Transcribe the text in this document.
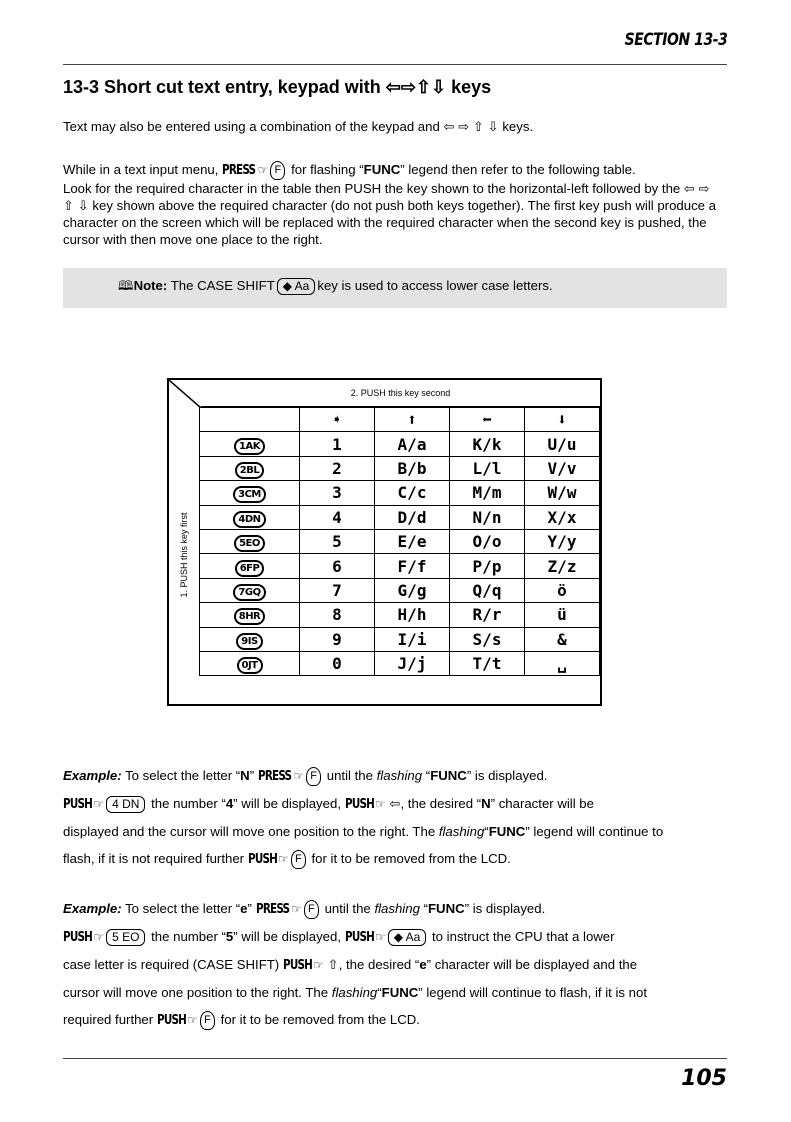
SECTION 13-3
13-3 Short cut text entry, keypad with ⇦⇨⇧⇩ keys
Text may also be entered using a combination of the keypad and ⇦ ⇨ ⇧ ⇩ keys.
While in a text input menu, PRESS ☞ F for flashing “FUNC” legend then refer to the following table.
Look for the required character in the table then PUSH the key shown to the horizontal-left followed by the ⇦ ⇨ ⇧ ⇩ key shown above the required character (do not push both keys together). The first key push will produce a character on the screen which will be replaced with the required character when the second key is pushed, the cursor with then move one place to the right.
🕮Note: The CASE SHIFT ◆ Aa key is used to access lower case letters.
2. PUSH this key second
1. PUSH this key first
	➧	⬆	⬅	⬇
1AK	1	A/a	K/k	U/u
2BL	2	B/b	L/l	V/v
3CM	3	C/c	M/m	W/w
4DN	4	D/d	N/n	X/x
5EO	5	E/e	O/o	Y/y
6FP	6	F/f	P/p	Z/z
7GQ	7	G/g	Q/q	ö
8HR	8	H/h	R/r	ü
9IS	9	I/i	S/s	&
0JT	0	J/j	T/t	␣
Example: To select the letter “N” PRESS ☞ F until the flashing “FUNC” is displayed.
PUSH☞ 4 DN the number “4” will be displayed, PUSH☞ ⇦, the desired “N” character will be
displayed and the cursor will move one position to the right. The flashing“FUNC” legend will continue to
flash, if it is not required further PUSH☞ F for it to be removed from the LCD.
Example: To select the letter “e” PRESS ☞ F until the flashing “FUNC” is displayed.
PUSH☞ 5 EO the number “5” will be displayed, PUSH☞ ◆ Aa to instruct the CPU that a lower
case letter is required (CASE SHIFT) PUSH☞ ⇧, the desired “e” character will be displayed and the
cursor will move one position to the right. The flashing“FUNC” legend will continue to flash, if it is not
required further PUSH☞ F for it to be removed from the LCD.
105
